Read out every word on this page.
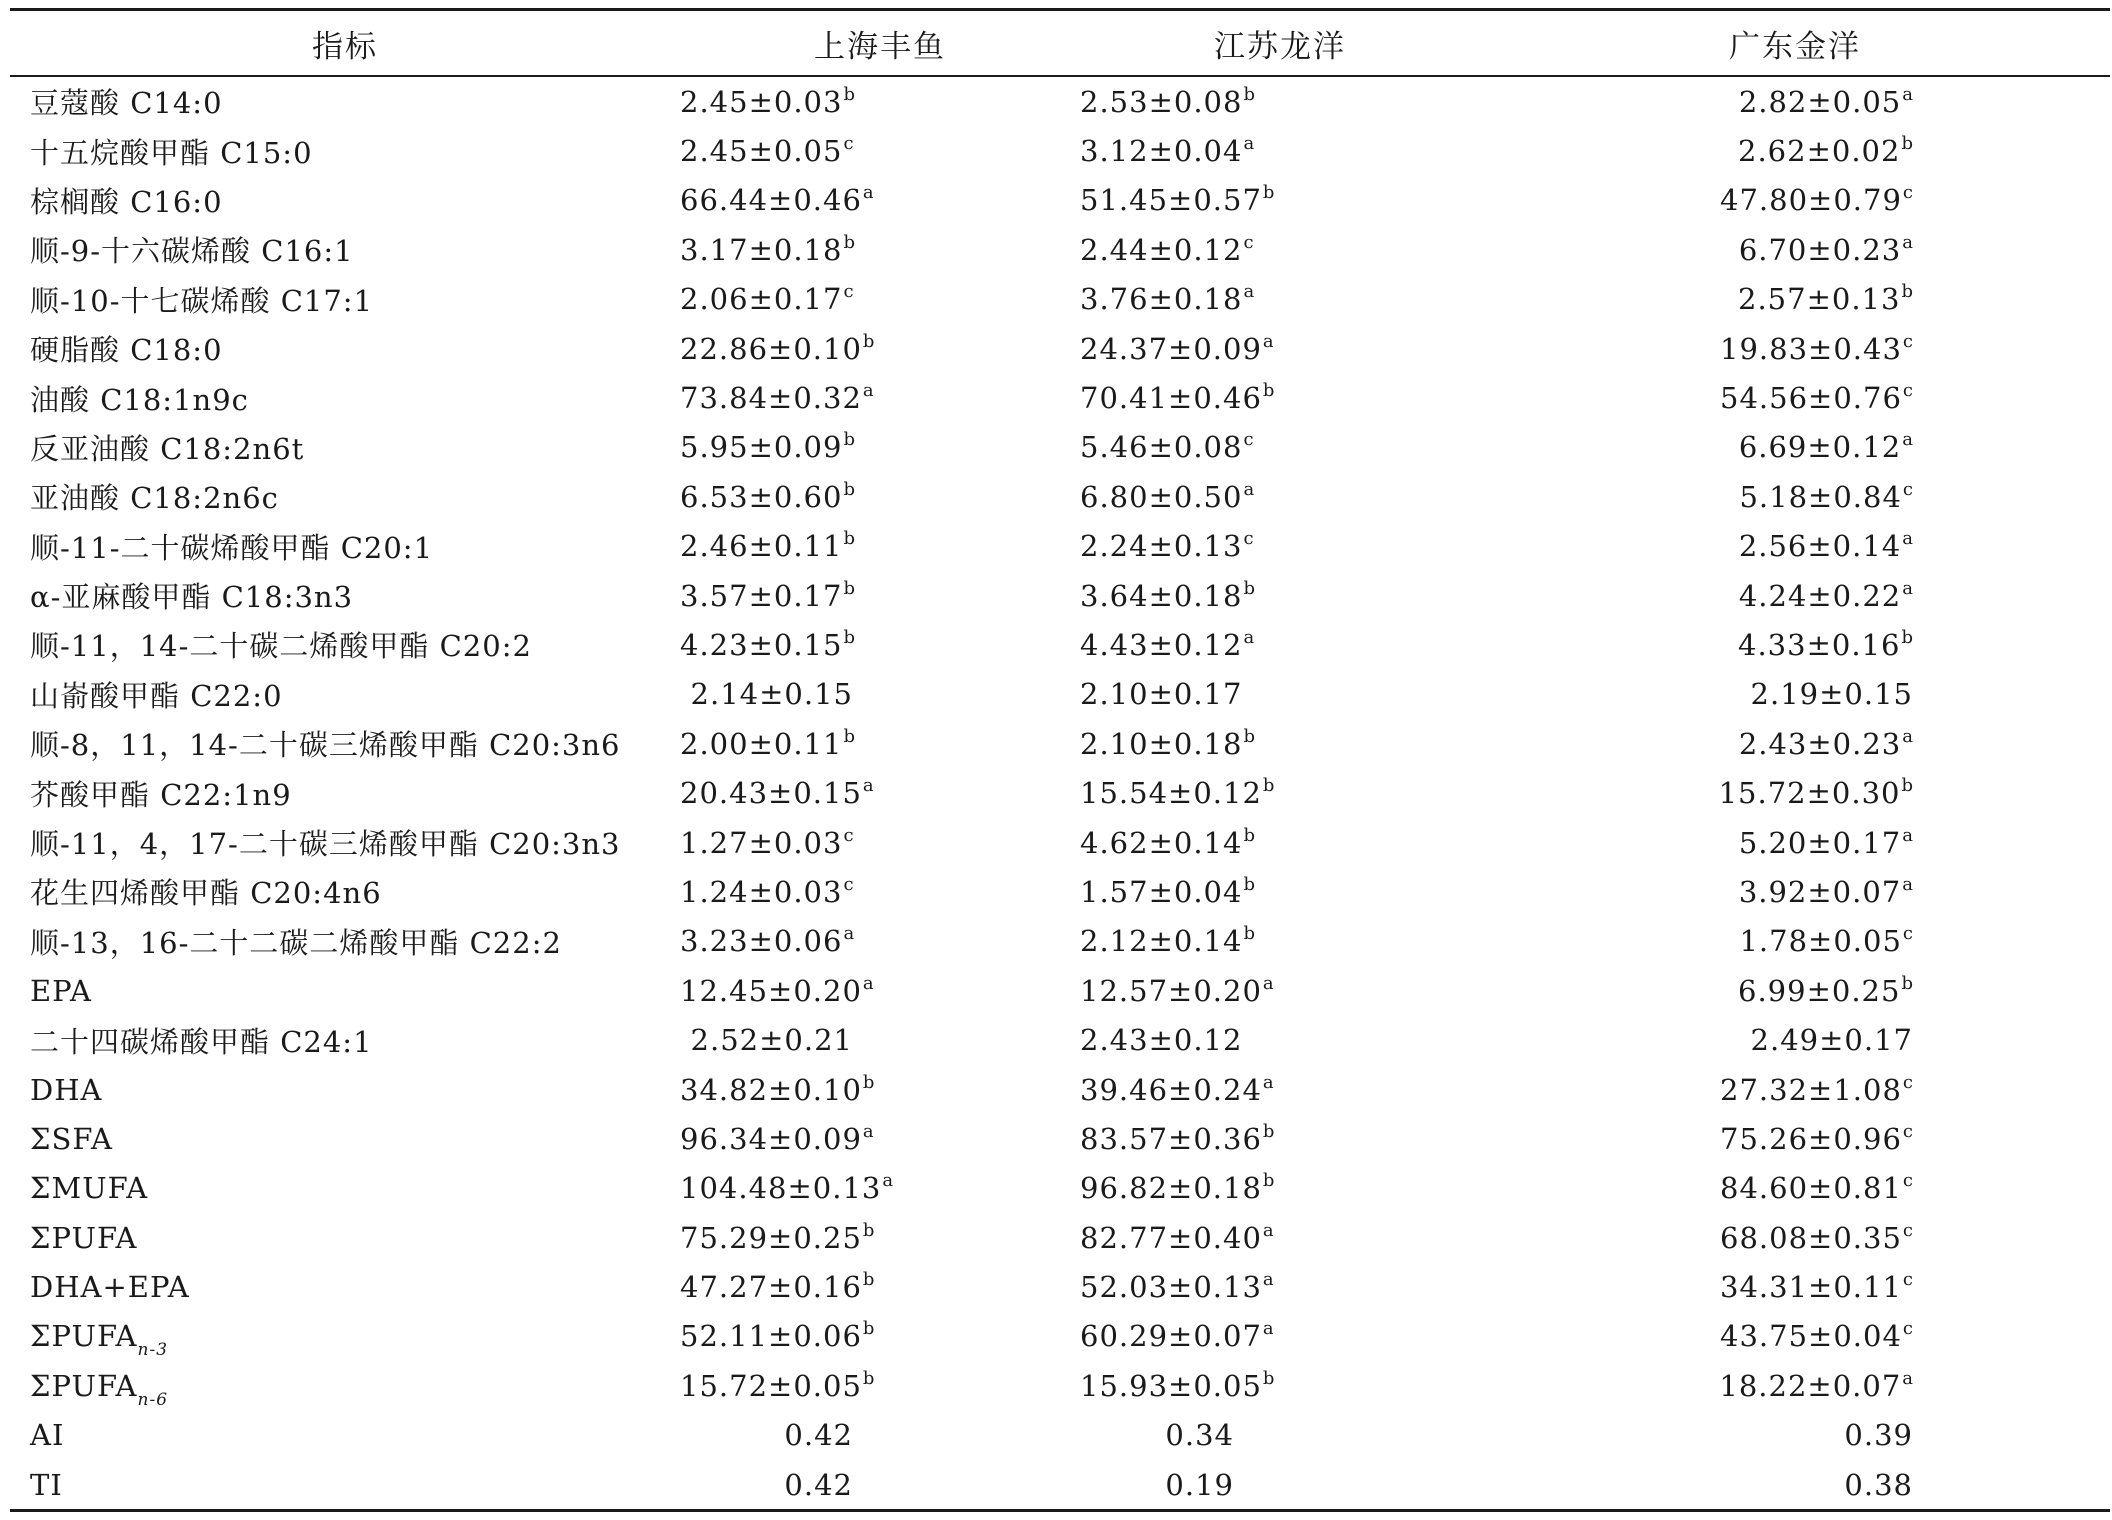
指标	上海丰鱼	江苏龙洋	广东金洋
豆蔻酸 C14:0	2.45±0.03$^b$	2.53±0.08$^b$	2.82±0.05$^a$
十五烷酸甲酯 C15:0	2.45±0.05$^c$	3.12±0.04$^a$	2.62±0.02$^b$
棕榈酸 C16:0	66.44±0.46$^a$	51.45±0.57$^b$	47.80±0.79$^c$
顺-9-十六碳烯酸 C16:1	3.17±0.18$^b$	2.44±0.12$^c$	6.70±0.23$^a$
顺-10-十七碳烯酸 C17:1	2.06±0.17$^c$	3.76±0.18$^a$	2.57±0.13$^b$
硬脂酸 C18:0	22.86±0.10$^b$	24.37±0.09$^a$	19.83±0.43$^c$
油酸 C18:1n9c	73.84±0.32$^a$	70.41±0.46$^b$	54.56±0.76$^c$
反亚油酸 C18:2n6t	5.95±0.09$^b$	5.46±0.08$^c$	6.69±0.12$^a$
亚油酸 C18:2n6c	6.53±0.60$^b$	6.80±0.50$^a$	5.18±0.84$^c$
顺-11-二十碳烯酸甲酯 C20:1	2.46±0.11$^b$	2.24±0.13$^c$	2.56±0.14$^a$
α-亚麻酸甲酯 C18:3n3	3.57±0.17$^b$	3.64±0.18$^b$	4.24±0.22$^a$
顺-11，14-二十碳二烯酸甲酯 C20:2	4.23±0.15$^b$	4.43±0.12$^a$	4.33±0.16$^b$
山嵛酸甲酯 C22:0	2.14±0.15	2.10±0.17	2.19±0.15
顺-8，11，14-二十碳三烯酸甲酯 C20:3n6	2.00±0.11$^b$	2.10±0.18$^b$	2.43±0.23$^a$
芥酸甲酯 C22:1n9	20.43±0.15$^a$	15.54±0.12$^b$	15.72±0.30$^b$
顺-11，4，17-二十碳三烯酸甲酯 C20:3n3	1.27±0.03$^c$	4.62±0.14$^b$	5.20±0.17$^a$
花生四烯酸甲酯 C20:4n6	1.24±0.03$^c$	1.57±0.04$^b$	3.92±0.07$^a$
顺-13，16-二十二碳二烯酸甲酯 C22:2	3.23±0.06$^a$	2.12±0.14$^b$	1.78±0.05$^c$
EPA	12.45±0.20$^a$	12.57±0.20$^a$	6.99±0.25$^b$
二十四碳烯酸甲酯 C24:1	2.52±0.21	2.43±0.12	2.49±0.17
DHA	34.82±0.10$^b$	39.46±0.24$^a$	27.32±1.08$^c$
ΣSFA	96.34±0.09$^a$	83.57±0.36$^b$	75.26±0.96$^c$
ΣMUFA	104.48±0.13$^a$	96.82±0.18$^b$	84.60±0.81$^c$
ΣPUFA	75.29±0.25$^b$	82.77±0.40$^a$	68.08±0.35$^c$
DHA+EPA	47.27±0.16$^b$	52.03±0.13$^a$	34.31±0.11$^c$
$\Sigma PUFA_{n-3}$	52.11±0.06$^b$	60.29±0.07$^a$	43.75±0.04$^c$
$\Sigma PUFA_{n-6}$	15.72±0.05$^b$	15.93±0.05$^b$	18.22±0.07$^a$
AI	0.42	0.34	0.39
TI	0.42	0.19	0.38
